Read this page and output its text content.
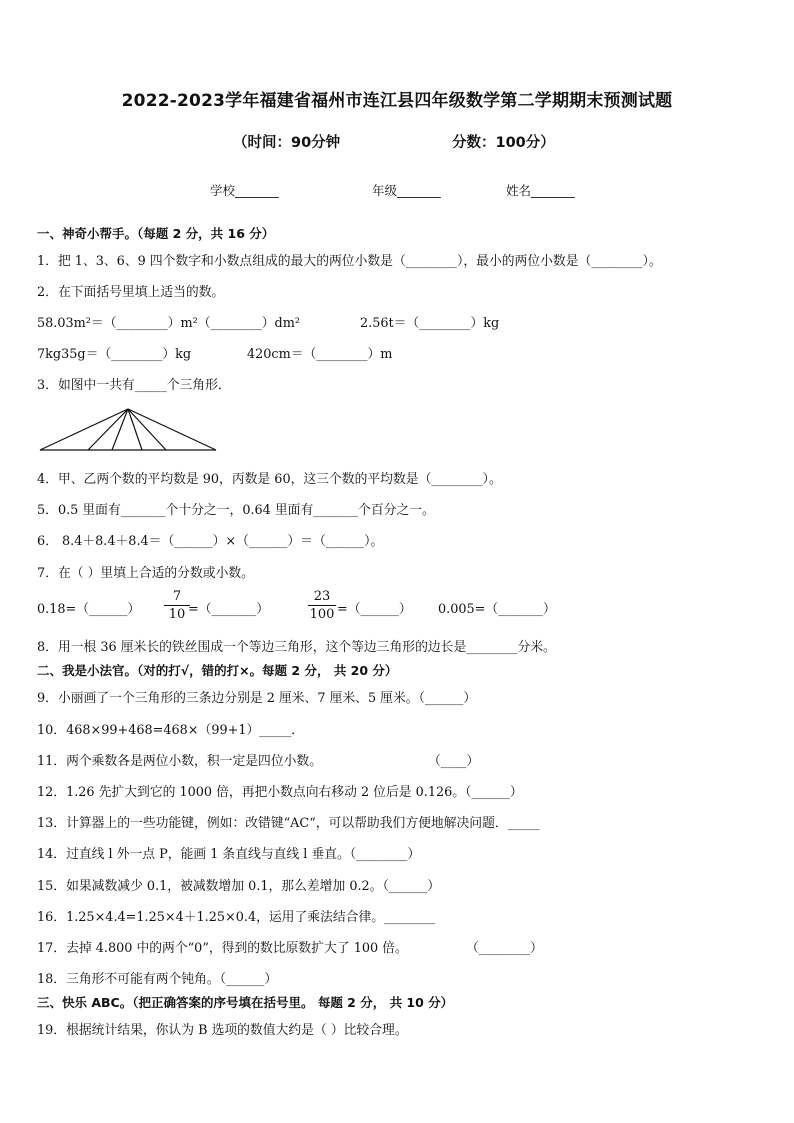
2022-2023学年福建省福州市连江县四年级数学第二学期期末预测试题
（时间：90分钟	分数：100分）
学校_______	年级_______	姓名_______
一、神奇小帮手。（每题 2 分，共 16 分）
1．把 1、3、6、9 四个数字和小数点组成的最大的两位小数是（________），最小的两位小数是（________）。
2．在下面括号里填上适当的数。
58.03m²＝（________）m²（________）dm²	2.56t＝（________）kg
7kg35g＝（________）kg	420cm＝（________）m
3．如图中一共有_____个三角形．
4．甲、乙两个数的平均数是 90，丙数是 60，这三个数的平均数是（________）。
5．0.5 里面有_______个十分之一，0.64 里面有_______个百分之一。
6． 8.4＋8.4＋8.4＝（______）×（______）＝（______）。
7．在（ ）里填上合适的分数或小数。
0.18=（______） $\frac{7}{10}$
=（_______）	$\frac{23}{100}$ =（______） 0.005=（_______）
8．用一根 36 厘米长的铁丝围成一个等边三角形，这个等边三角形的边长是________分米。
二、我是小法官。（对的打√，错的打×。每题 2 分， 共 20 分）
9．小丽画了一个三角形的三条边分别是 2 厘米、7 厘米、5 厘米。（______）
10．468×99+468=468×（99+1）_____．
11．两个乘数各是两位小数，积一定是四位小数。	（____）
12．1.26 先扩大到它的 1000 倍，再把小数点向右移动 2 位后是 0.126。（______）
13．计算器上的一些功能键，例如：改错键“AC“，可以帮助我们方便地解决问题．_____
14．过直线 l 外一点 P，能画 1 条直线与直线 l 垂直。（________）
15．如果减数减少 0.1，被减数增加 0.1，那么差增加 0.2。（______）
16．1.25×4.4=1.25×4＋1.25×0.4，运用了乘法结合律。________
17．去掉 4.800 中的两个“0”，得到的数比原数扩大了 100 倍。	（________）
18．三角形不可能有两个钝角。（______）
三、快乐 ABC。（把正确答案的序号填在括号里。 每题 2 分， 共 10 分）
19．根据统计结果，你认为 B 选项的数值大约是（ ）比较合理。
